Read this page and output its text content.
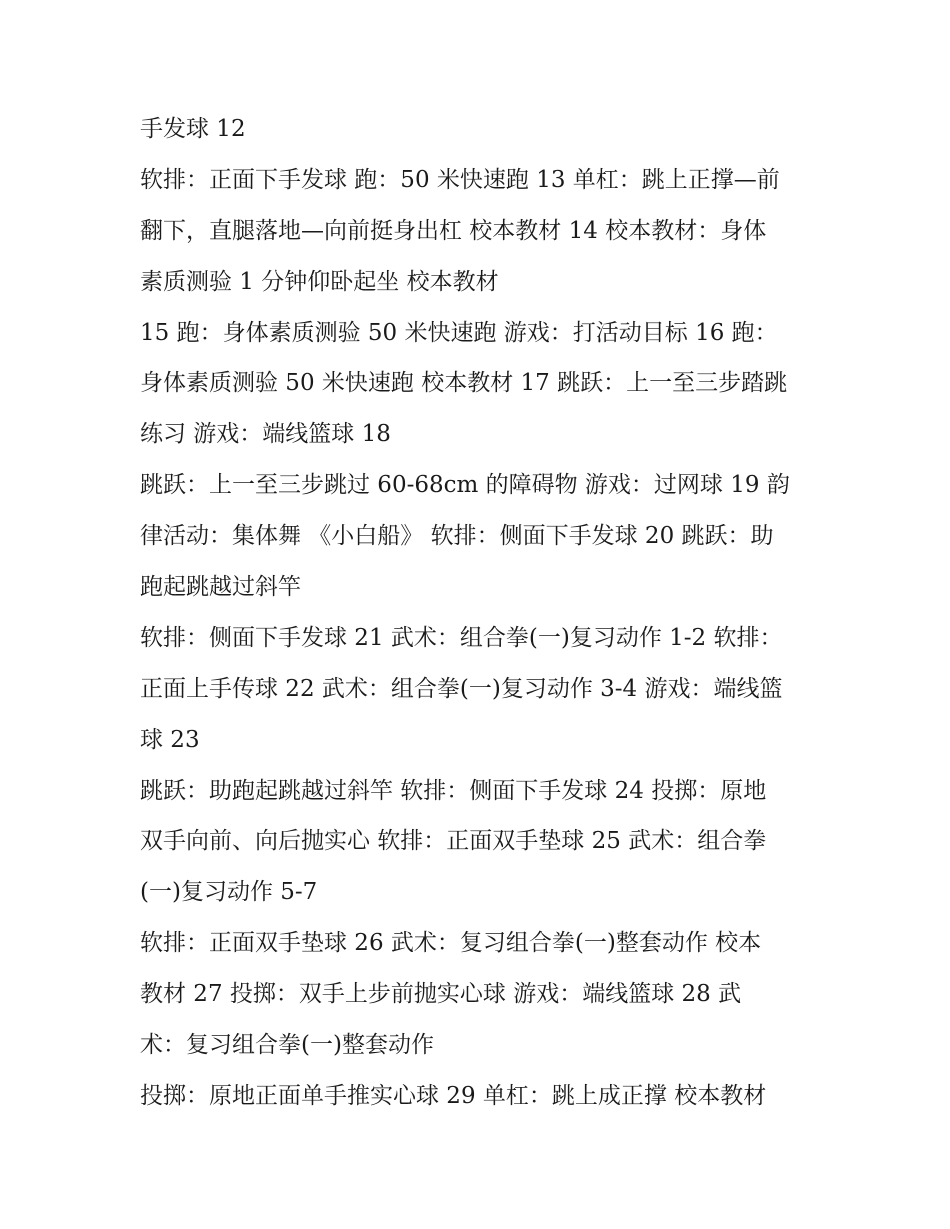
手发球 12
软排：正面下手发球 跑：50 米快速跑 13 单杠：跳上正撑—前
翻下，直腿落地—向前挺身出杠 校本教材 14 校本教材：身体
素质测验 1 分钟仰卧起坐 校本教材
15 跑：身体素质测验 50 米快速跑 游戏：打活动目标 16 跑：
身体素质测验 50 米快速跑 校本教材 17 跳跃：上一至三步踏跳
练习 游戏：端线篮球 18
跳跃：上一至三步跳过 60-68cm 的障碍物 游戏：过网球 19 韵
律活动：集体舞 《小白船》 软排：侧面下手发球 20 跳跃：助
跑起跳越过斜竿
软排：侧面下手发球 21 武术：组合拳(一)复习动作 1-2 软排：
正面上手传球 22 武术：组合拳(一)复习动作 3-4 游戏：端线篮
球 23
跳跃：助跑起跳越过斜竿 软排：侧面下手发球 24 投掷：原地
双手向前、向后抛实心 软排：正面双手垫球 25 武术：组合拳
(一)复习动作 5-7
软排：正面双手垫球 26 武术：复习组合拳(一)整套动作 校本
教材 27 投掷：双手上步前抛实心球 游戏：端线篮球 28 武
术：复习组合拳(一)整套动作
投掷：原地正面单手推实心球 29 单杠：跳上成正撑 校本教材
